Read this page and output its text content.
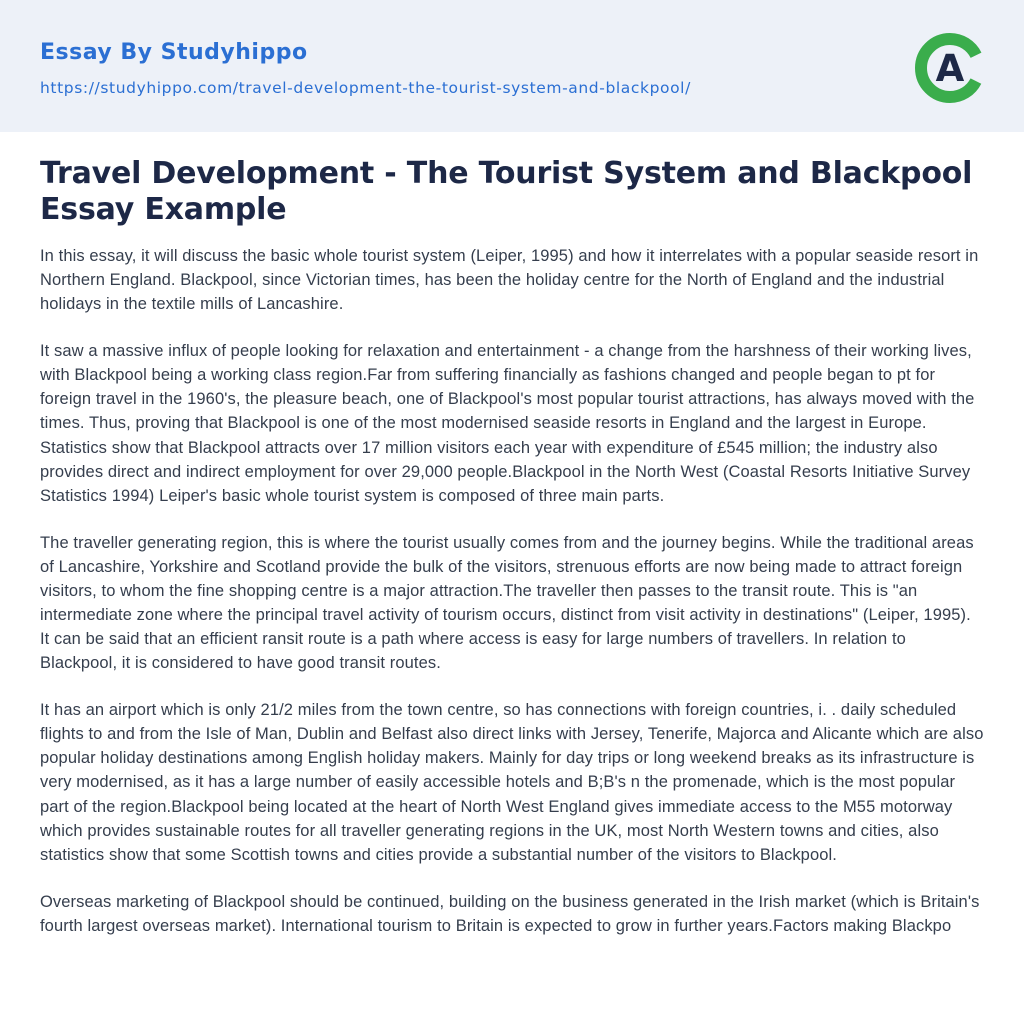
Essay By Studyhippo
https://studyhippo.com/travel-development-the-tourist-system-and-blackpool/	A
Travel Development - The Tourist System and Blackpool Essay Example

In this essay, it will discuss the basic whole tourist system (Leiper, 1995) and how it interrelates with a popular seaside resort in Northern England. Blackpool, since Victorian times, has been the holiday centre for the North of England and the industrial holidays in the textile mills of Lancashire.

It saw a massive influx of people looking for relaxation and entertainment - a change from the harshness of their working lives, with Blackpool being a working class region.Far from suffering financially as fashions changed and people began to pt for foreign travel in the 1960's, the pleasure beach, one of Blackpool's most popular tourist attractions, has always moved with the times. Thus, proving that Blackpool is one of the most modernised seaside resorts in England and the largest in Europe. Statistics show that Blackpool attracts over 17 million visitors each year with expenditure of £545 million; the industry also provides direct and indirect employment for over 29,000 people.Blackpool in the North West (Coastal Resorts Initiative Survey Statistics 1994) Leiper's basic whole tourist system is composed of three main parts.

The traveller generating region, this is where the tourist usually comes from and the journey begins. While the traditional areas of Lancashire, Yorkshire and Scotland provide the bulk of the visitors, strenuous efforts are now being made to attract foreign visitors, to whom the fine shopping centre is a major attraction.The traveller then passes to the transit route. This is "an intermediate zone where the principal travel activity of tourism occurs, distinct from visit activity in destinations" (Leiper, 1995). It can be said that an efficient ransit route is a path where access is easy for large numbers of travellers. In relation to Blackpool, it is considered to have good transit routes.

It has an airport which is only 21/2 miles from the town centre, so has connections with foreign countries, i. . daily scheduled flights to and from the Isle of Man, Dublin and Belfast also direct links with Jersey, Tenerife, Majorca and Alicante which are also popular holiday destinations among English holiday makers. Mainly for day trips or long weekend breaks as its infrastructure is very modernised, as it has a large number of easily accessible hotels and B;B's n the promenade, which is the most popular part of the region.Blackpool being located at the heart of North West England gives immediate access to the M55 motorway which provides sustainable routes for all traveller generating regions in the UK, most North Western towns and cities, also statistics show that some Scottish towns and cities provide a substantial number of the visitors to Blackpool.

Overseas marketing of Blackpool should be continued, building on the business generated in the Irish market (which is Britain's fourth largest overseas market). International tourism to Britain is expected to grow in further years.Factors making Blackpo
